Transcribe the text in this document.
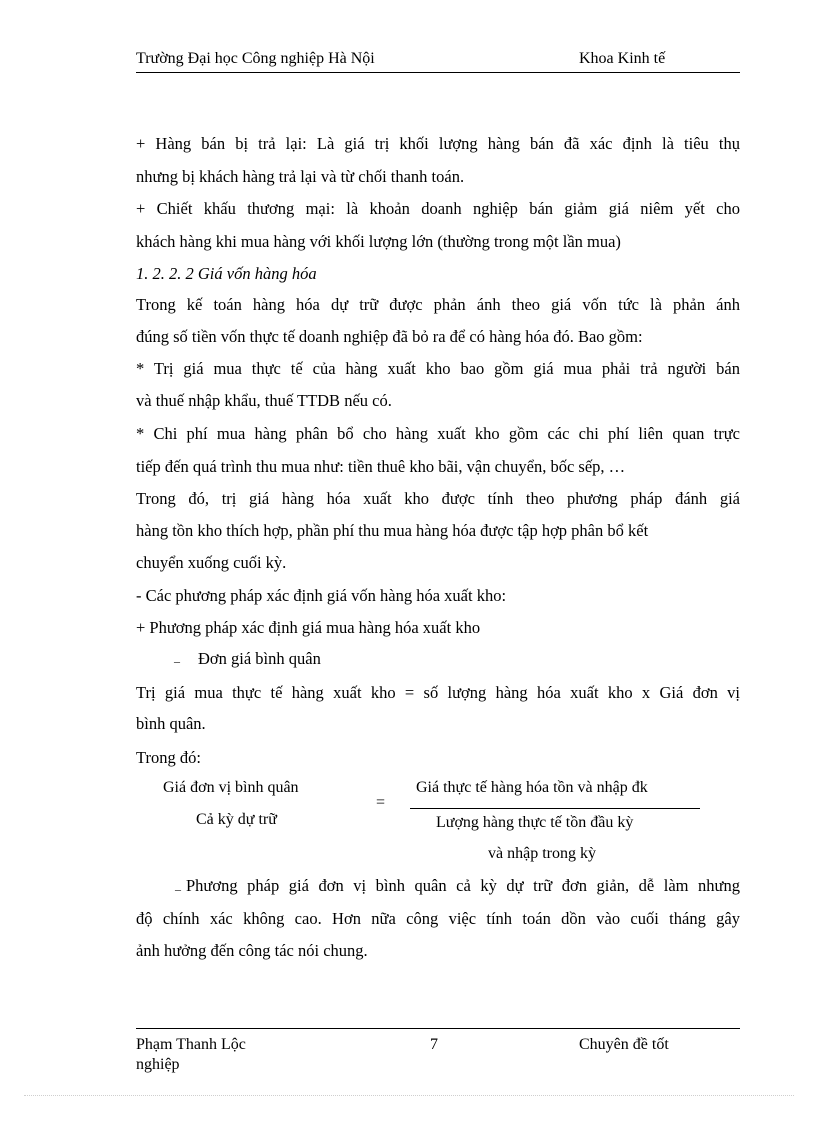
Trường Đại học Công nghiệp Hà Nội	Khoa Kinh tế
+ Hàng bán bị trả lại: Là giá trị khối lượng hàng bán đã xác định là tiêu thụ
nhưng bị khách hàng trả lại và từ chối thanh toán.
+ Chiết khấu thương mại: là khoản doanh nghiệp bán giảm giá niêm yết cho
khách hàng khi mua hàng với khối lượng lớn (thường trong một lần mua)
1. 2. 2. 2 Giá vốn hàng hóa
Trong kế toán hàng hóa dự trữ được phản ánh theo giá vốn tức là phản ánh
đúng số tiền vốn thực tế doanh nghiệp đã bỏ ra để có hàng hóa đó. Bao gồm:
* Trị giá mua thực tế của hàng xuất kho bao gồm giá mua phải trả người bán
và thuế nhập khẩu, thuế TTDB nếu có.
* Chi phí mua hàng phân bổ cho hàng xuất kho gồm các chi phí liên quan trực
tiếp đến quá trình thu mua như: tiền thuê kho bãi, vận chuyển, bốc sếp, …
Trong đó, trị giá hàng hóa xuất kho được tính theo phương pháp đánh giá
hàng tồn kho thích hợp, phần phí thu mua hàng hóa được tập hợp phân bổ kết
chuyển xuống cuối kỳ.
- Các phương pháp xác định giá vốn hàng hóa xuất kho:
+ Phương pháp xác định giá mua hàng hóa xuất kho
– Đơn giá bình quân
Trị giá mua thực tế hàng xuất kho = số lượng hàng hóa xuất kho x Giá đơn vị
bình quân.
Trong đó:
Giá đơn vị bình quân
Cả kỳ dự trữ
=
Giá thực tế hàng hóa tồn và nhập đk
Lượng hàng thực tế tồn đầu kỳ
và nhập trong kỳ
– Phương pháp giá đơn vị bình quân cả kỳ dự trữ đơn giản, dễ làm nhưng
độ chính xác không cao. Hơn nữa công việc tính toán dồn vào cuối tháng gây
ảnh hưởng đến công tác nói chung.
Phạm Thanh Lộc	7	Chuyên đề tốt
nghiệp
